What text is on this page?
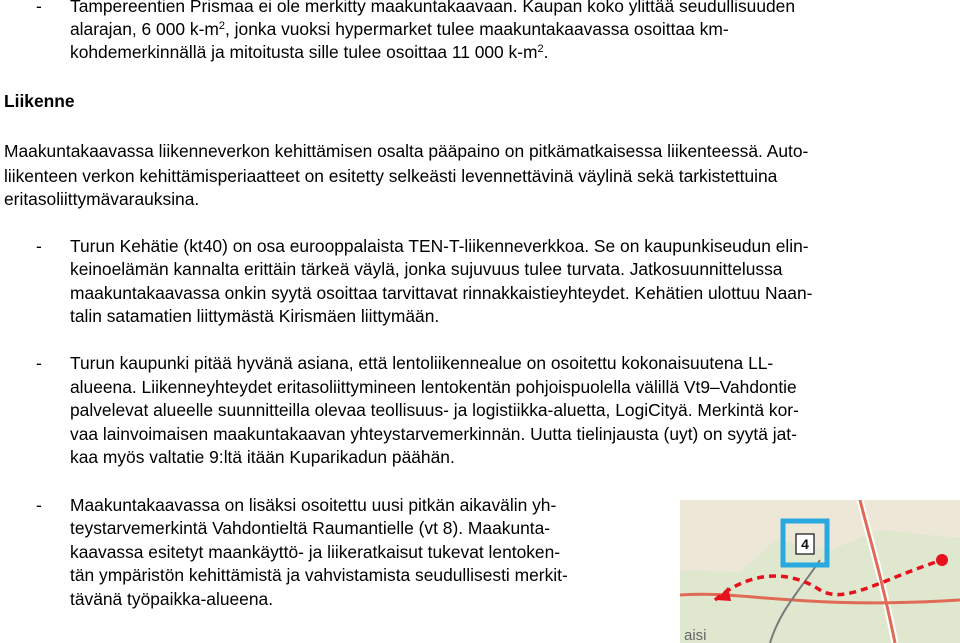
- Tampereentien Prismaa ei ole merkitty maakuntakaavaan. Kaupan koko ylittää seudullisuuden
alarajan, 6 000 $k-m^2$, jonka vuoksi hypermarket tulee maakuntakaavassa osoittaa km-
kohdemerkinnällä ja mitoitusta sille tulee osoittaa 11 000 $k-m^2$.
Liikenne
Maakuntakaavassa liikenneverkon kehittämisen osalta pääpaino on pitkämatkaisessa liikenteessä. Auto-
liikenteen verkon kehittämisperiaatteet on esitetty selkeästi levennettävinä väylinä sekä tarkistettuina
eritasoliittymävarauksina.
- Turun Kehätie (kt40) on osa eurooppalaista TEN-T-liikenneverkkoa. Se on kaupunkiseudun elin-
keinoelämän kannalta erittäin tärkeä väylä, jonka sujuvuus tulee turvata. Jatkosuunnittelussa
maakuntakaavassa onkin syytä osoittaa tarvittavat rinnakkaistieyhteydet. Kehätien ulottuu Naan-
talin satamatien liittymästä Kirismäen liittymään.
- Turun kaupunki pitää hyvänä asiana, että lentoliikennealue on osoitettu kokonaisuutena LL-
alueena. Liikenneyhteydet eritasoliittymineen lentokentän pohjoispuolella välillä Vt9–Vahdontie
palvelevat alueelle suunnitteilla olevaa teollisuus- ja logistiikka-aluetta, LogiCityä. Merkintä kor-
vaa lainvoimaisen maakuntakaavan yhteystarvemerkinnän. Uutta tielinjausta (uyt) on syytä jat-
kaa myös valtatie 9:ltä itään Kuparikadun päähän.
- Maakuntakaavassa on lisäksi osoitettu uusi pitkän aikavälin yh-
teystarvemerkintä Vahdontieltä Raumantielle (vt 8). Maakunta-
kaavassa esitetyt maankäyttö- ja liikeratkaisut tukevat lentoken-
tän ympäristön kehittämistä ja vahvistamista seudullisesti merkit-
tävänä työpaikka-alueena.
4
aisi
